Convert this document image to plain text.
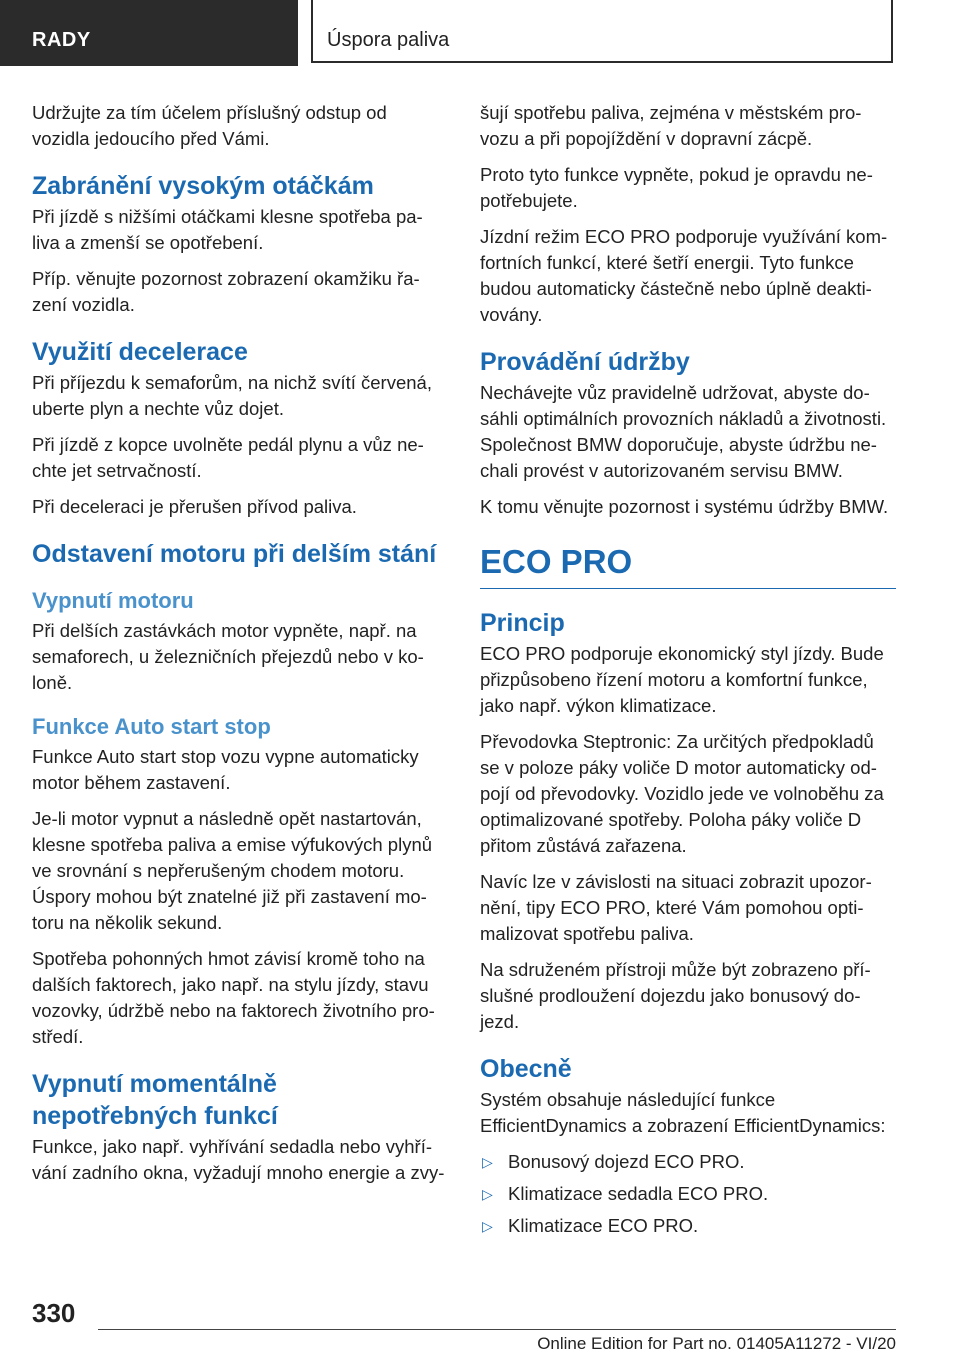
RADY	Úspora paliva

Udržujte za tím účelem příslušný odstup od vozidla jedoucího před Vámi.

Zabránění vysokým otáčkám

Při jízdě s nižšími otáčkami klesne spotřeba pa-liva a zmenší se opotřebení.

Příp. věnujte pozornost zobrazení okamžiku řa-zení vozidla.

Využití decelerace

Při příjezdu k semaforům, na nichž svítí červená, uberte plyn a nechte vůz dojet.

Při jízdě z kopce uvolněte pedál plynu a vůz ne-chte jet setrvačností.

Při deceleraci je přerušen přívod paliva.

Odstavení motoru při delším stání
Vypnutí motoru

Při delších zastávkách motor vypněte, např. na semaforech, u železničních přejezdů nebo v ko-loně.

Funkce Auto start stop

Funkce Auto start stop vozu vypne automaticky motor během zastavení.

Je-li motor vypnut a následně opět nastartován, klesne spotřeba paliva a emise výfukových plynů ve srovnání s nepřerušeným chodem motoru. Úspory mohou být znatelné již při zastavení mo-toru na několik sekund.

Spotřeba pohonných hmot závisí kromě toho na dalších faktorech, jako např. na stylu jízdy, stavu vozovky, údržbě nebo na faktorech životního pro-středí.

Vypnutí momentálně nepotřebných funkcí

Funkce, jako např. vyhřívání sedadla nebo vyhří-vání zadního okna, vyžadují mnoho energie a zvy-

šují spotřebu paliva, zejména v městském pro-vozu a při popojíždění v dopravní zácpě.

Proto tyto funkce vypněte, pokud je opravdu ne-potřebujete.

Jízdní režim ECO PRO podporuje využívání kom-fortních funkcí, které šetří energii. Tyto funkce budou automaticky částečně nebo úplně deakti-vovány.

Provádění údržby

Nechávejte vůz pravidelně udržovat, abyste do-sáhli optimálních provozních nákladů a životnosti. Společnost BMW doporučuje, abyste údržbu ne-chali provést v autorizovaném servisu BMW.

K tomu věnujte pozornost i systému údržby BMW.

ECO PRO
Princip

ECO PRO podporuje ekonomický styl jízdy. Bude přizpůsobeno řízení motoru a komfortní funkce, jako např. výkon klimatizace.

Převodovka Steptronic: Za určitých předpokladů se v poloze páky voliče D motor automaticky od-pojí od převodovky. Vozidlo jede ve volnoběhu za optimalizované spotřeby. Poloha páky voliče D přitom zůstává zařazena.

Navíc lze v závislosti na situaci zobrazit upozor-nění, tipy ECO PRO, které Vám pomohou opti-malizovat spotřebu paliva.

Na sdruženém přístroji může být zobrazeno pří-slušné prodloužení dojezdu jako bonusový do-jezd.

Obecně

Systém obsahuje následující funkce EfficientDynamics a zobrazení EfficientDynamics:

▷ Bonusový dojezd ECO PRO.
▷ Klimatizace sedadla ECO PRO.
▷ Klimatizace ECO PRO.
330
Online Edition for Part no. 01405A11272 - VI/20
